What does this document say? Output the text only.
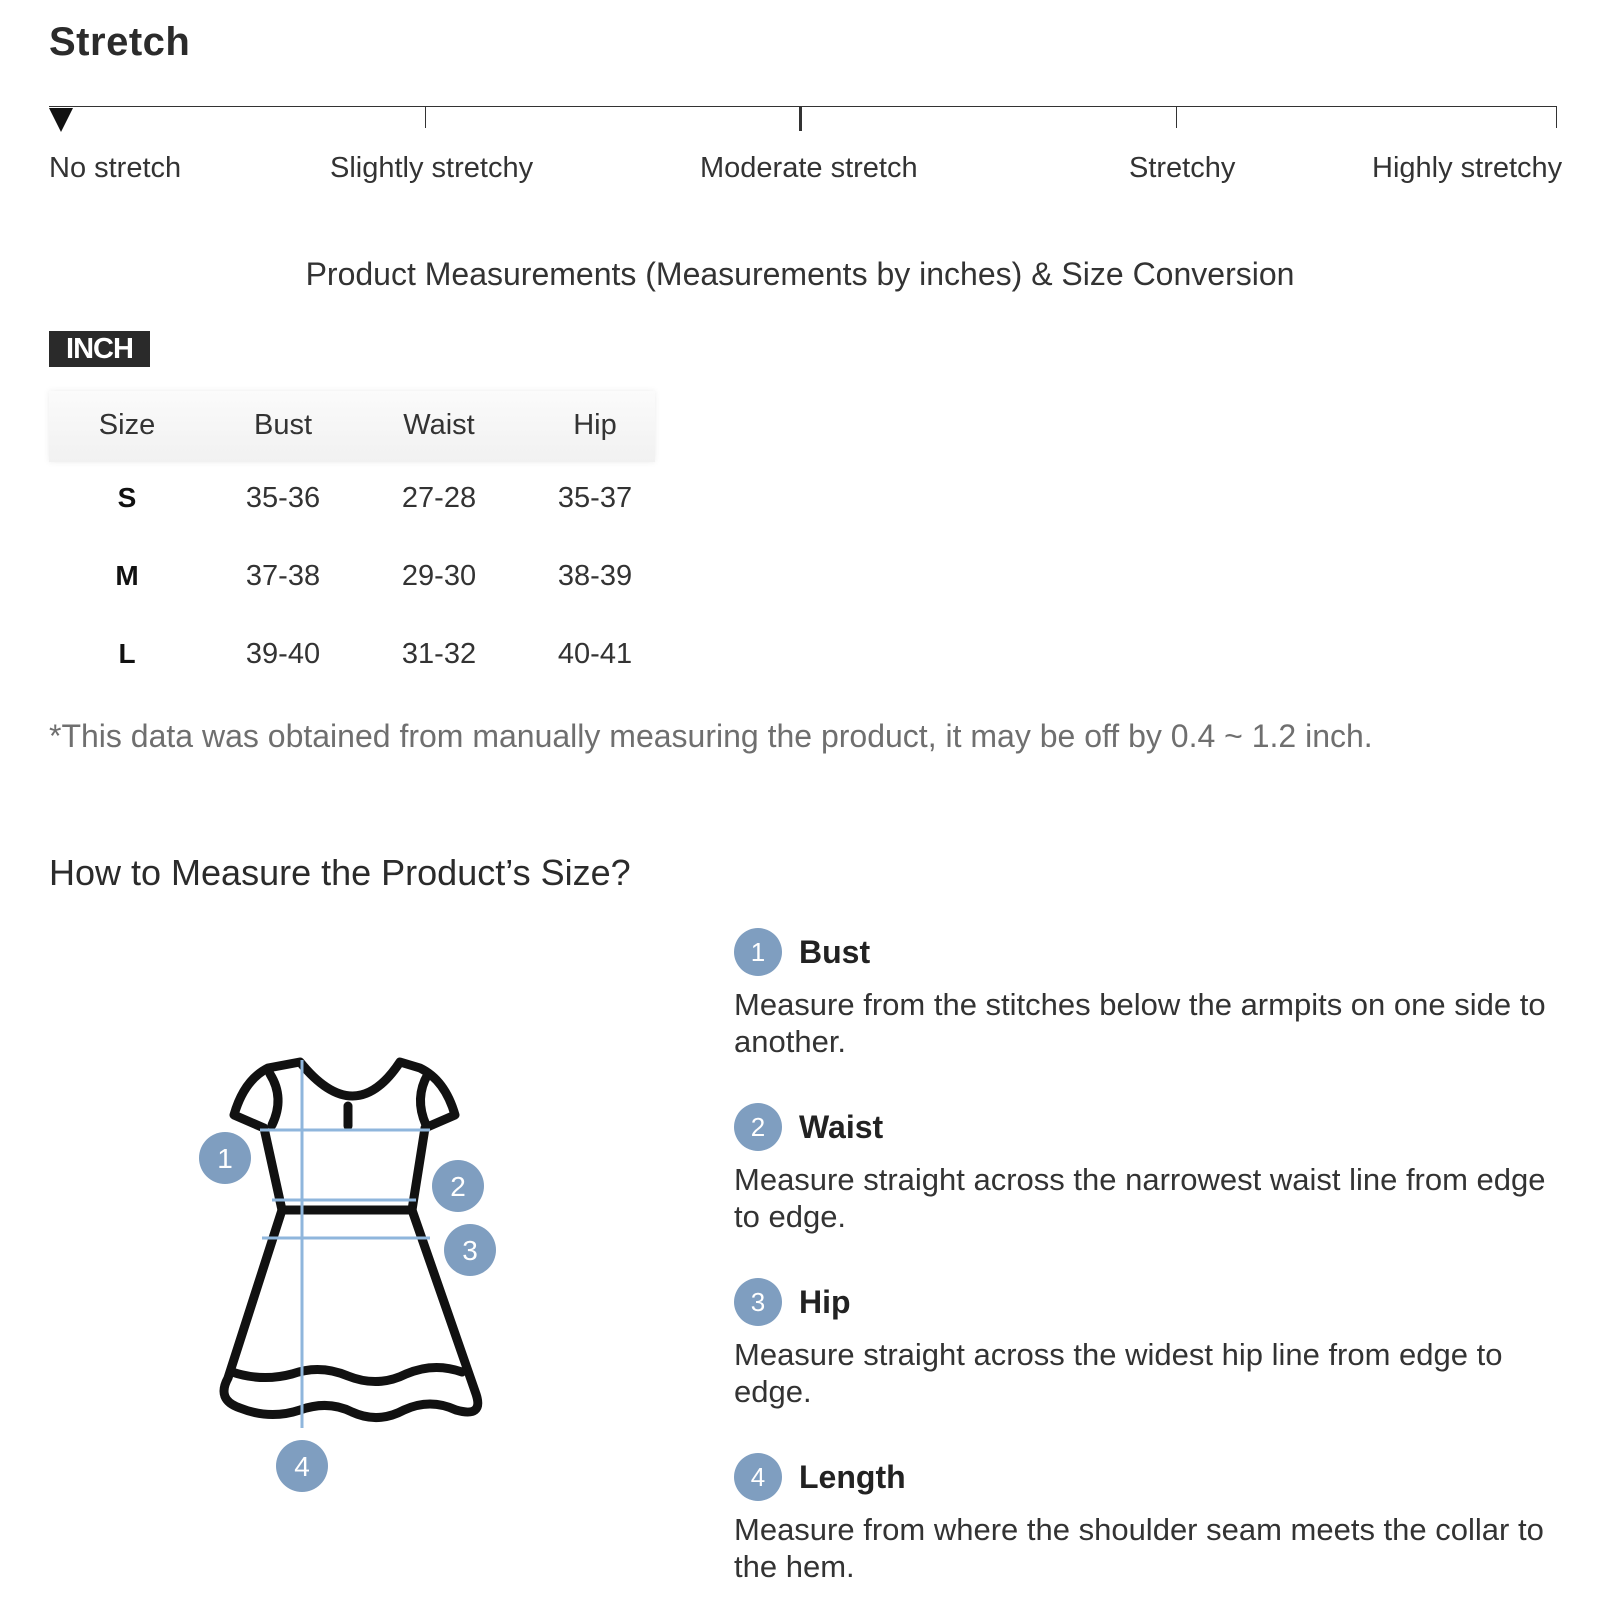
Stretch
No stretch	Slightly stretchy	Moderate stretch	Stretchy	Highly stretchy
Product Measurements (Measurements by inches) & Size Conversion
INCH
Size	Bust	Waist	Hip
S	35-36	27-28	35-37
M	37-38	29-30	38-39
L	39-40	31-32	40-41
*This data was obtained from manually measuring the product, it may be off by 0.4 ~ 1.2 inch.
How to Measure the Product’s Size?
1
2
3
4
1	Bust
Measure from the stitches below the armpits on one side to another.
2	Waist
Measure straight across the narrowest waist line from edge to edge.
3	Hip
Measure straight across the widest hip line from edge to edge.
4	Length
Measure from where the shoulder seam meets the collar to the hem.
